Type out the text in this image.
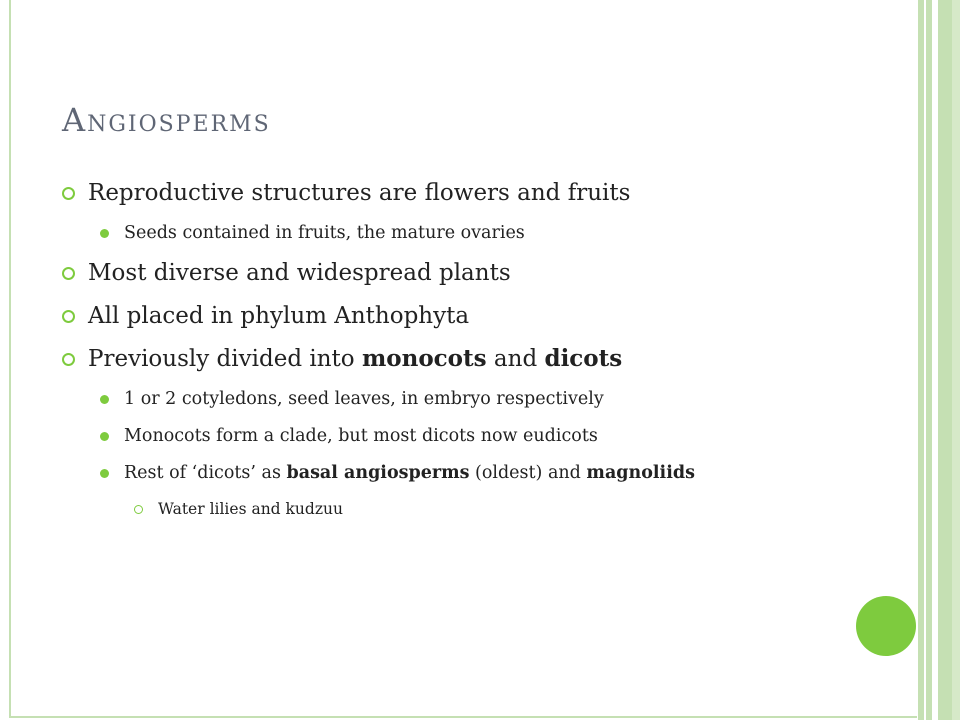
Angiosperms
Reproductive structures are flowers and fruits
Seeds contained in fruits, the mature ovaries
Most diverse and widespread plants
All placed in phylum Anthophyta
Previously divided into monocots and dicots
1 or 2 cotyledons, seed leaves, in embryo respectively
Monocots form a clade, but most dicots now eudicots
Rest of ‘dicots’ as basal angiosperms (oldest) and magnoliids
Water lilies and kudzuu
